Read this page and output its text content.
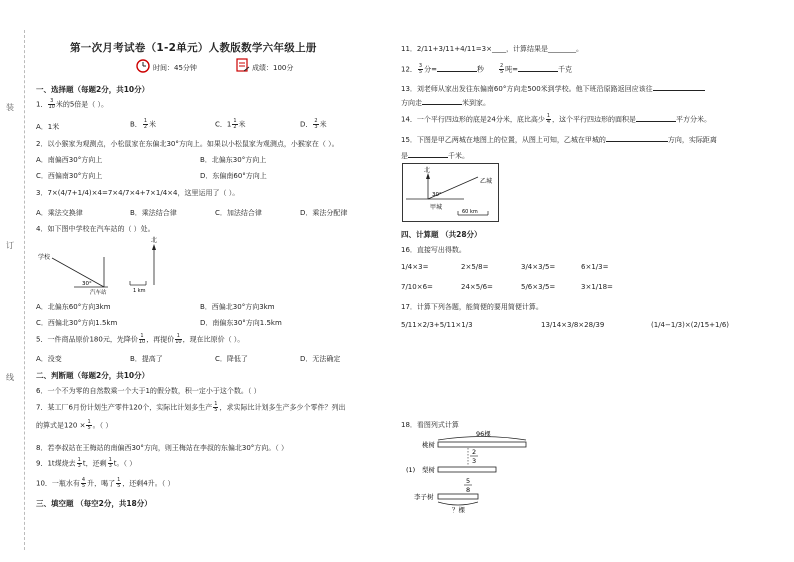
装
订
线
第一次月考试卷（1-2单元）人教版数学六年级上册
时间：45分钟	成绩：100分
一、选择题（每题2分，共10分）
1． $\frac{3}{10}$ 米的5倍是（ ）。
A．1米	B． $\frac{1}{2}$ 米	C．$1 \frac{1}{2}$ 米	D． $\frac{2}{3}$ 米
2．以小猴家为观测点，小松鼠家在东偏北30°方向上。如果以小松鼠家为观测点，小猴家在（ ）。
A．南偏西30°方向上	B．北偏东30°方向上
C．西偏南30°方向上	D．东偏南60°方向上
3．7×(4/7+1/4)×4=7×4/7×4+7×1/4×4，这里运用了（ ）。
A．乘法交换律	B．乘法结合律	C．加法结合律	D．乘法分配律
4．如下图中学校在汽车站的（ ）处。
学校
30°
汽车站
北
1 km
A．北偏东60°方向3km	B．西偏北30°方向3km
C．西偏北30°方向1.5km	D．南偏东30°方向1.5km
5．一件商品原价180元，先降价 $\frac{1}{10}$ ，再提价 $\frac{1}{10}$ ，现在比原价（ ）。
A．没变	B．提高了	C．降低了	D．无法确定
二、判断题（每题2分，共10分）
6．一个不为零的自然数乘一个大于1的假分数，积一定小于这个数。（ ）
7．某工厂6月份计划生产零件120个，实际比计划多生产 $\frac{1}{5}$ ，求实际比计划多生产多少个零件？列出
的算式是$120 \times \frac{1}{5}$ 。（ ）
8．若李叔站在王梅站的南偏西30°方向，则王梅站在李叔的东偏北30°方向。（ ）
9．1t煤烧去 $\frac{1}{3}$ t，还剩 $\frac{1}{3}$ t。（ ）
10．一瓶水有 $\frac{4}{5}$ 升，喝了 $\frac{1}{5}$ ，还剩4升。（ ）
三、填空题 （每空2分，共18分）
11．2/11+3/11+4/11=3×____，计算结果是________。
12． $\frac{3}{5}$ 分=	秒	$\frac{2}{5}$ 吨=	千克
13．刘老师从家出发往东偏南60°方向走500米到学校。他下班沿原路返回应该往
方向走	米到家。
14．一个平行四边形的底是24分米，底比高少 $\frac{1}{4}$ ，这个平行四边形的面积是	平方分米。
15．下图是甲乙两城在地图上的位置，从图上可知，乙城在甲城的	方向，实际距离
是	千米。
北
乙城
30°
甲城
60 km
四、计算题 （共28分）
16．直接写出得数。
1/4×3=	2×5/8=	3/4×3/5=	6×1/3=
7/10×6=	24×5/6=	5/6×3/5=	3×1/18=
17．计算下列各题，能简便的要用简便计算。
5/11×2/3+5/11×1/3	13/14×3/8×28/39	(1/4−1/3)×(2/15+1/6)
18．看图列式计算
96棵
桃树
2
3
(1) 梨树
5
8
李子树
？棵
